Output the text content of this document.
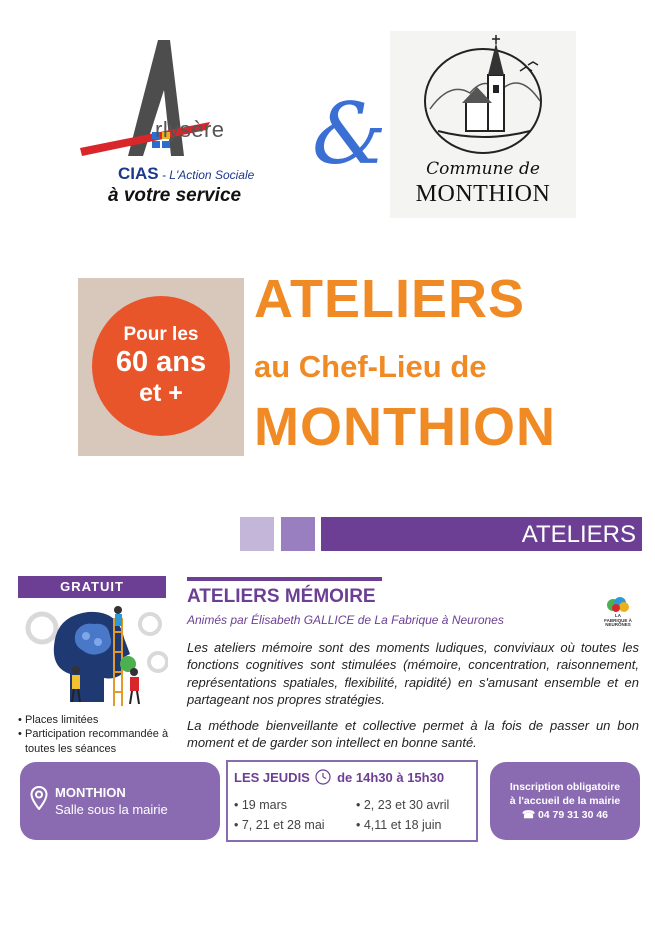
rlysère
CIAS - L'Action Sociale
à votre service
&	Commune de
MONTHION
Pour les
60 ans
et +
ATELIERS
au Chef-Lieu de
MONTHION
ATELIERS
GRATUIT
• Places limitées
• Participation recommandée à toutes les séances
ATELIERS MÉMOIRE
Animés par Élisabeth GALLICE de La Fabrique à Neurones	LA FABRIQUE À NEURONES

Les ateliers mémoire sont des moments ludiques, conviviaux où toutes les fonctions cognitives sont stimulées (mémoire, concentration, raisonnement, représentations spatiales, flexibilité, rapidité) en s'amusant ensemble et en partageant nos propres stratégies.

La méthode bienveillante et collective permet à la fois de passer un bon moment et de garder son intellect en bonne santé.

MONTHION
Salle sous la mairie
LES JEUDIS de 14h30 à 15h30
• 19 mars	• 2, 23 et 30 avril
• 7, 21 et 28 mai	• 4,11 et 18 juin
Inscription obligatoire
à l'accueil de la mairie
☎ 04 79 31 30 46
